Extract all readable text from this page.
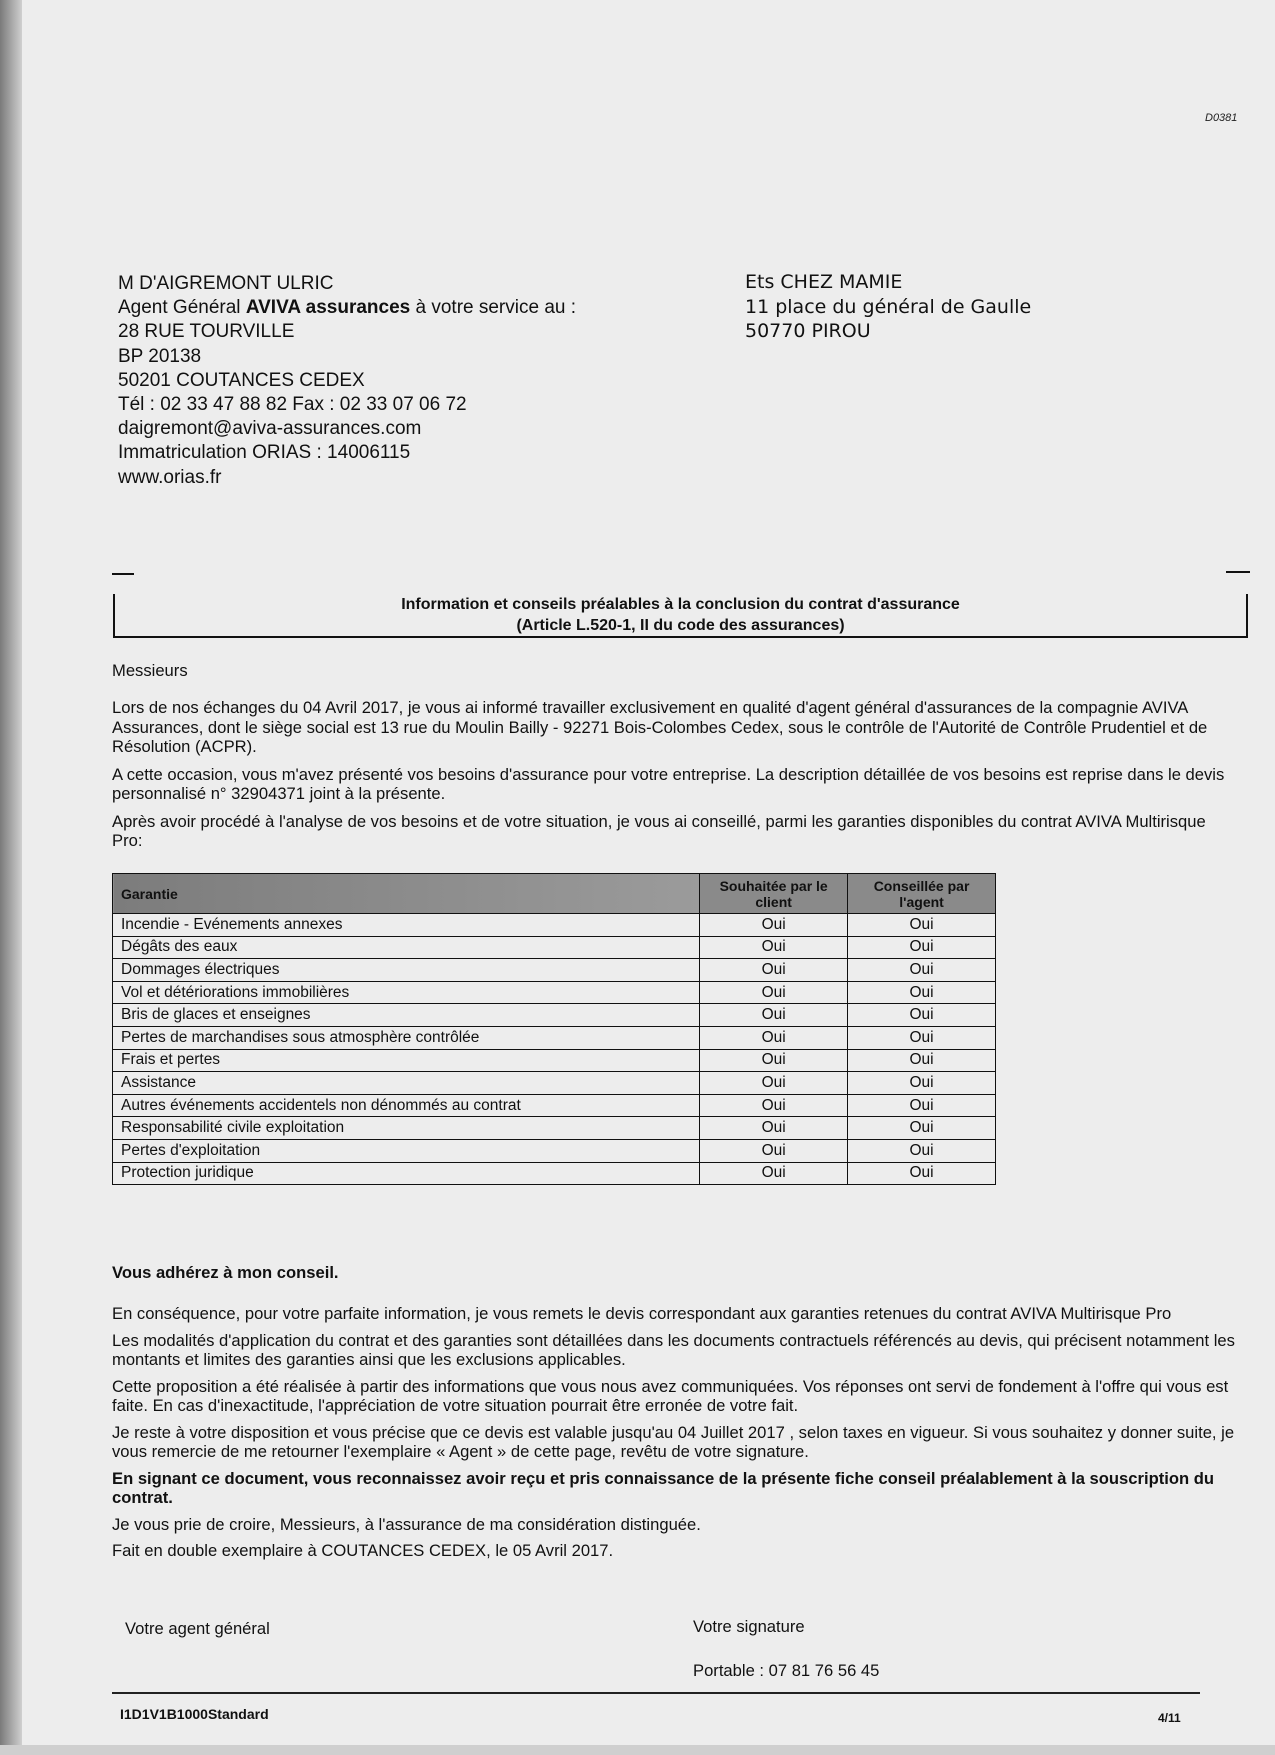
D0381
M D'AIGREMONT ULRIC
Agent Général AVIVA assurances à votre service au :
28 RUE TOURVILLE
BP 20138
50201 COUTANCES CEDEX
Tél : 02 33 47 88 82 Fax : 02 33 07 06 72
daigremont@aviva-assurances.com
Immatriculation ORIAS : 14006115
www.orias.fr
Ets CHEZ MAMIE
11 place du général de Gaulle
50770 PIROU
Information et conseils préalables à la conclusion du contrat d'assurance
(Article L.520-1, II du code des assurances)
Messieurs

Lors de nos échanges du 04 Avril 2017, je vous ai informé travailler exclusivement en qualité d'agent général d'assurances de la compagnie AVIVA Assurances, dont le siège social est 13 rue du Moulin Bailly - 92271 Bois-Colombes Cedex, sous le contrôle de l'Autorité de Contrôle Prudentiel et de Résolution (ACPR).

A cette occasion, vous m'avez présenté vos besoins d'assurance pour votre entreprise. La description détaillée de vos besoins est reprise dans le devis personnalisé n° 32904371 joint à la présente.

Après avoir procédé à l'analyse de vos besoins et de votre situation, je vous ai conseillé, parmi les garanties disponibles du contrat AVIVA Multirisque Pro:

Garantie	Souhaitée par le client	Conseillée par l'agent
Incendie - Evénements annexes	Oui	Oui
Dégâts des eaux	Oui	Oui
Dommages électriques	Oui	Oui
Vol et détériorations immobilières	Oui	Oui
Bris de glaces et enseignes	Oui	Oui
Pertes de marchandises sous atmosphère contrôlée	Oui	Oui
Frais et pertes	Oui	Oui
Assistance	Oui	Oui
Autres événements accidentels non dénommés au contrat	Oui	Oui
Responsabilité civile exploitation	Oui	Oui
Pertes d'exploitation	Oui	Oui
Protection juridique	Oui	Oui
Vous adhérez à mon conseil.

En conséquence, pour votre parfaite information, je vous remets le devis correspondant aux garanties retenues du contrat AVIVA Multirisque Pro

Les modalités d'application du contrat et des garanties sont détaillées dans les documents contractuels référencés au devis, qui précisent notamment les montants et limites des garanties ainsi que les exclusions applicables.

Cette proposition a été réalisée à partir des informations que vous nous avez communiquées. Vos réponses ont servi de fondement à l'offre qui vous est faite. En cas d'inexactitude, l'appréciation de votre situation pourrait être erronée de votre fait.

Je reste à votre disposition et vous précise que ce devis est valable jusqu'au 04 Juillet 2017 , selon taxes en vigueur. Si vous souhaitez y donner suite, je vous remercie de me retourner l'exemplaire « Agent » de cette page, revêtu de votre signature.

En signant ce document, vous reconnaissez avoir reçu et pris connaissance de la présente fiche conseil préalablement à la souscription du contrat.

Je vous prie de croire, Messieurs, à l'assurance de ma considération distinguée.

Fait en double exemplaire à COUTANCES CEDEX, le 05 Avril 2017.

Votre agent général	Votre signature
Portable : 07 81 76 56 45
I1D1V1B1000Standard	4/11
